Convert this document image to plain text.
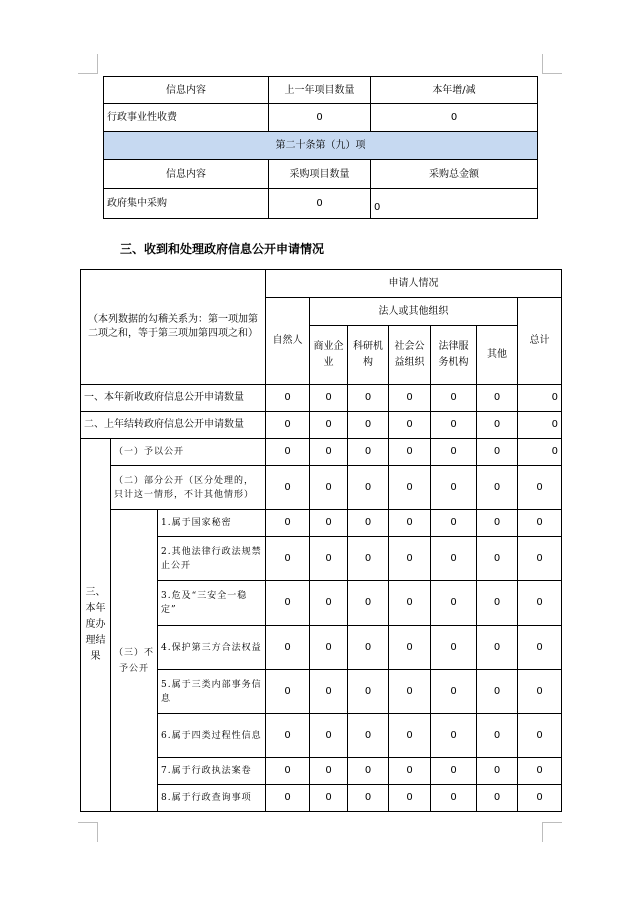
信息内容	上一年项目数量	本年增/减
行政事业性收费	0	0
第二十条第（九）项		
信息内容	采购项目数量	采购总金额
政府集中采购	0	0
三、收到和处理政府信息公开申请情况
（本列数据的勾稽关系为：第一项加第二项之和，等于第三项加第四项之和）			申请人情况						
			自然人	法人或其他组织					总计
				商业企业	科研机构	社会公益组织	法律服务机构	其他	
一、本年新收政府信息公开申请数量			0	0	0	0	0	0	0
二、上年结转政府信息公开申请数量			0	0	0	0	0	0	0
三、本年度办理结果	（一）予以公开		0	0	0	0	0	0	0
	（二）部分公开（区分处理的，只计这一情形，不计其他情形）		0	0	0	0	0	0	0
	（三）不予公开	1.属于国家秘密	0	0	0	0	0	0	0
		2.其他法律行政法规禁止公开	0	0	0	0	0	0	0
		3.危及“三安全一稳定”	0	0	0	0	0	0	0
		4.保护第三方合法权益	0	0	0	0	0	0	0
		5.属于三类内部事务信息	0	0	0	0	0	0	0
		6.属于四类过程性信息	0	0	0	0	0	0	0
		7.属于行政执法案卷	0	0	0	0	0	0	0
		8.属于行政查询事项	0	0	0	0	0	0	0
